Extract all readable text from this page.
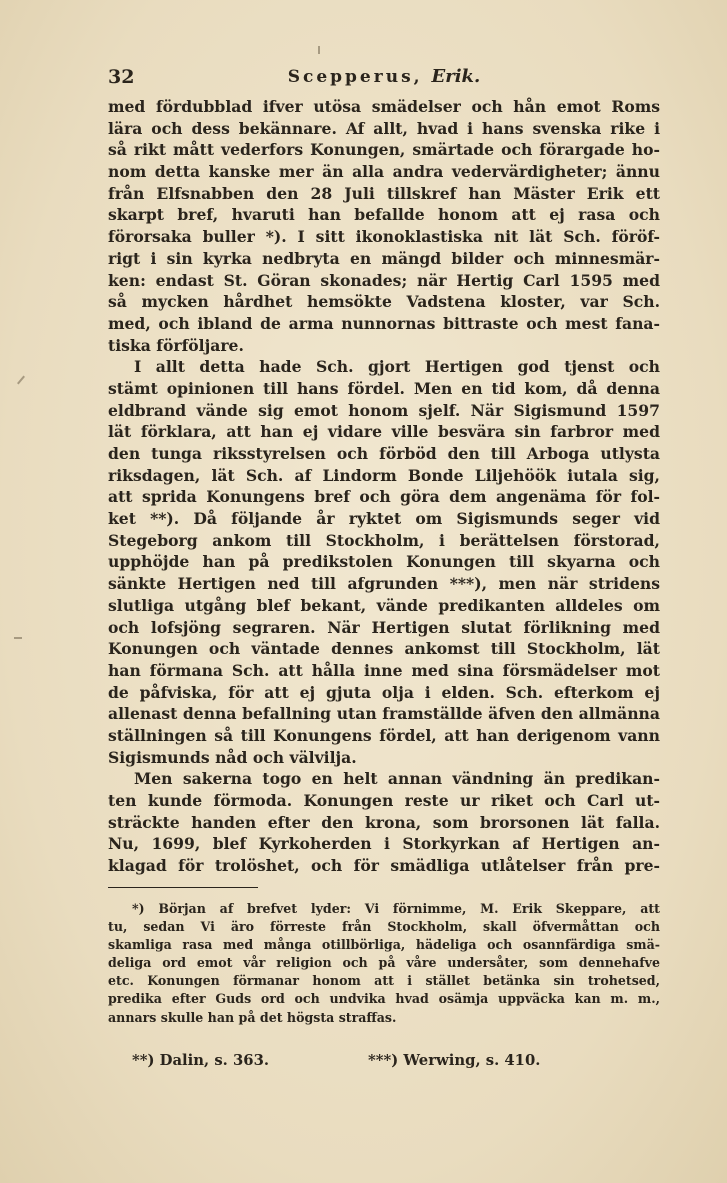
32	Scepperus, Erik.
med fördubblad ifver utösa smädelser och hån emot Roms
lära och dess bekännare. Af allt, hvad i hans svenska rike i
så rikt mått vederfors Konungen, smärtade och förargade ho-
nom detta kanske mer än alla andra vedervärdigheter; ännu
från Elfsnabben den 28 Juli tillskref han Mäster Erik ett
skarpt bref, hvaruti han befallde honom att ej rasa och
förorsaka buller *). I sitt ikonoklastiska nit lät Sch. föröf-
rigt i sin kyrka nedbryta en mängd bilder och minnesmär-
ken: endast St. Göran skonades; när Hertig Carl 1595 med
så mycken hårdhet hemsökte Vadstena kloster, var Sch.
med, och ibland de arma nunnornas bittraste och mest fana-
tiska förföljare.
I allt detta hade Sch. gjort Hertigen god tjenst och
stämt opinionen till hans fördel. Men en tid kom, då denna
eldbrand vände sig emot honom sjelf. När Sigismund 1597
lät förklara, att han ej vidare ville besvära sin farbror med
den tunga riksstyrelsen och förböd den till Arboga utlysta
riksdagen, lät Sch. af Lindorm Bonde Liljehöök iutala sig,
att sprida Konungens bref och göra dem angenäma för fol-
ket **). Då följande år ryktet om Sigismunds seger vid
Stegeborg ankom till Stockholm, i berättelsen förstorad,
upphöjde han på predikstolen Konungen till skyarna och
sänkte Hertigen ned till afgrunden ***), men när stridens
slutliga utgång blef bekant, vände predikanten alldeles om
och lofsjöng segraren. När Hertigen slutat förlikning med
Konungen och väntade dennes ankomst till Stockholm, lät
han förmana Sch. att hålla inne med sina försmädelser mot
de påfviska, för att ej gjuta olja i elden. Sch. efterkom ej
allenast denna befallning utan framställde äfven den allmänna
ställningen så till Konungens fördel, att han derigenom vann
Sigismunds nåd och välvilja.
Men sakerna togo en helt annan vändning än predikan-
ten kunde förmoda. Konungen reste ur riket och Carl ut-
sträckte handen efter den krona, som brorsonen lät falla.
Nu, 1699, blef Kyrkoherden i Storkyrkan af Hertigen an-
klagad för trolöshet, och för smädliga utlåtelser från pre-
*) Början af brefvet lyder: Vi förnimme, M. Erik Skeppare, att
tu, sedan Vi äro förreste från Stockholm, skall öfvermåttan och
skamliga rasa med många otillbörliga, hädeliga och osannfärdiga smä-
deliga ord emot vår religion och på våre undersåter, som dennehafve
etc. Konungen förmanar honom att i stället betänka sin trohetsed,
predika efter Guds ord och undvika hvad osämja uppväcka kan m. m.,
annars skulle han på det högsta straffas.
**) Dalin, s. 363.	***) Werwing, s. 410.
